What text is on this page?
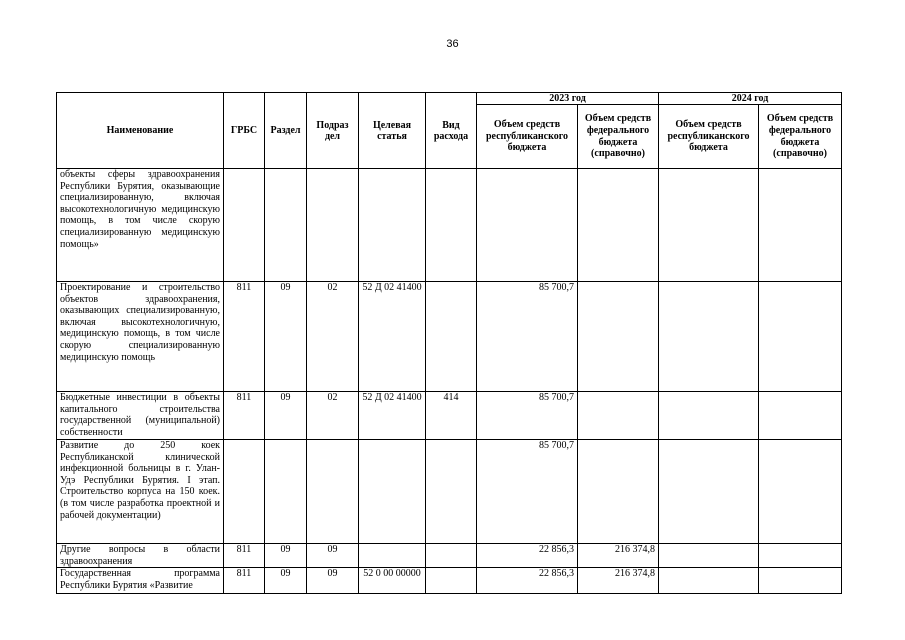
36
Наименование	ГРБС	Раздел	Подраз дел	Целевая статья	Вид расхода	2023 год		2024 год	
						Объем средств республиканского бюджета	Объем средств федерального бюджета (справочно)	Объем средств республиканского бюджета	Объем средств федерального бюджета (справочно)
объекты сферы здравоохранения Республики Бурятия, оказывающие специализированную, включая высокотехнологичную медицинскую помощь, в том числе скорую специализированную медицинскую помощь»									
Проектирование и строительство объектов здравоохранения, оказывающих специализированную, включая высокотехнологичную, медицинскую помощь, в том числе скорую специализированную медицинскую помощь	811	09	02	52 Д 02 41400		85 700,7			
Бюджетные инвестиции в объекты капитального строительства государственной (муниципальной) собственности	811	09	02	52 Д 02 41400	414	85 700,7			
Развитие до 250 коек Республиканской клинической инфекционной больницы в г. Улан-Удэ Республики Бурятия. I этап. Строительство корпуса на 150 коек. (в том числе разработка проектной и рабочей документации)						85 700,7			
Другие вопросы в области здравоохранения	811	09	09			22 856,3	216 374,8		
Государственная программа Республики Бурятия «Развитие	811	09	09	52 0 00 00000		22 856,3	216 374,8		
